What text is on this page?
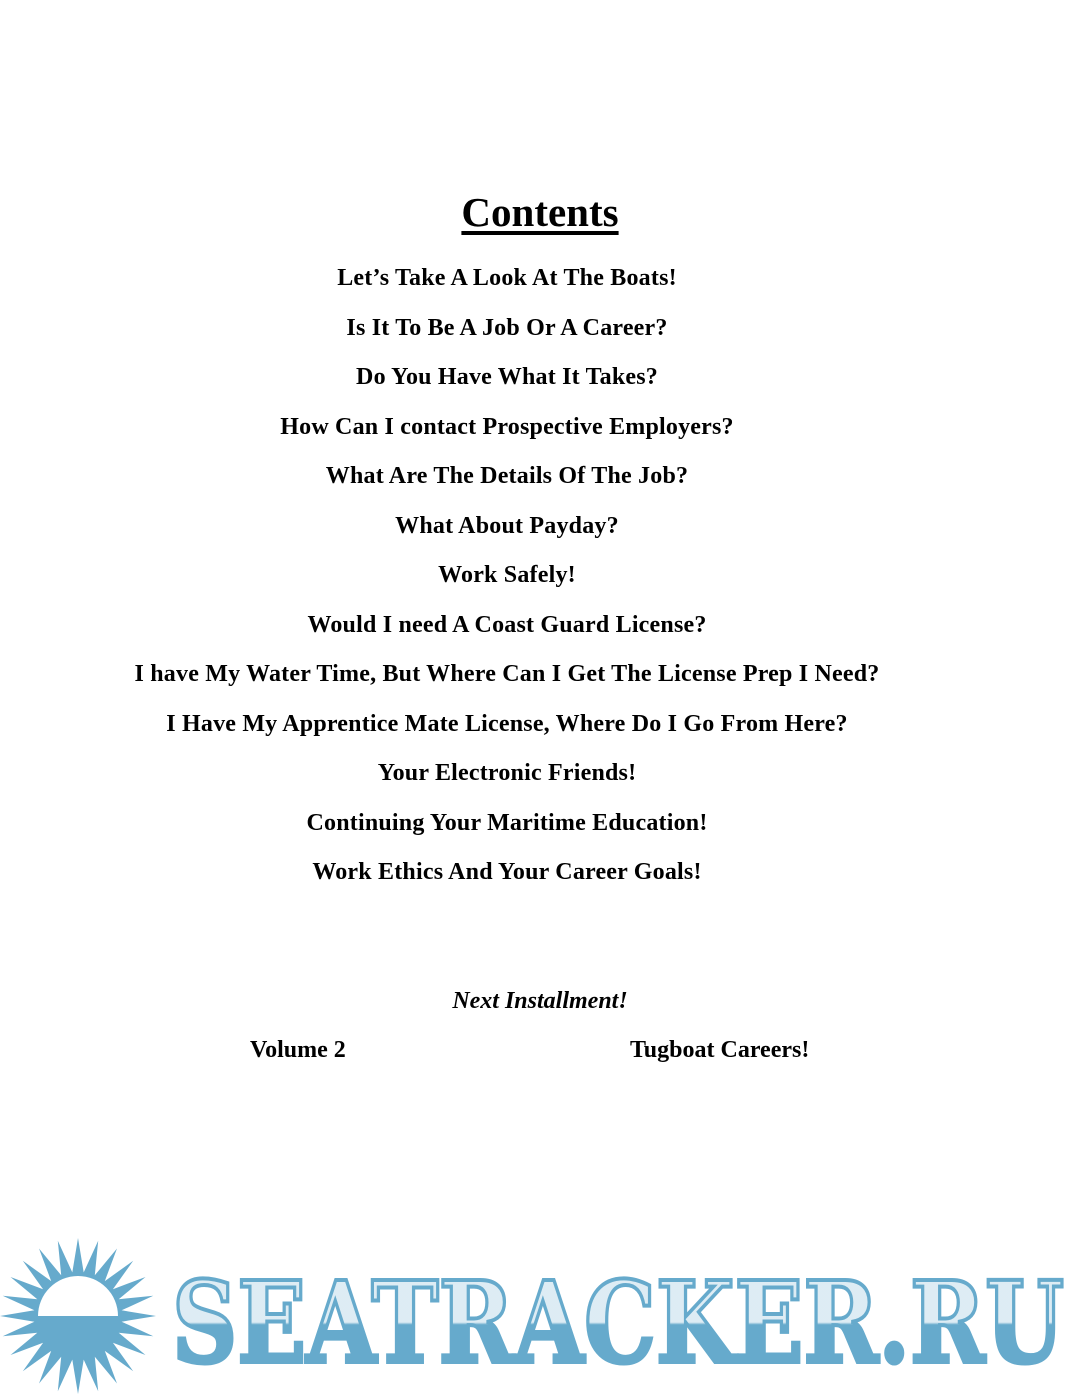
Contents
Let’s Take A Look At The Boats!
Is It To Be A Job Or A Career?
Do You Have What It Takes?
How Can I contact Prospective Employers?
What Are The Details Of The Job?
What About Payday?
Work Safely!
Would I need A Coast Guard License?
I have My Water Time, But Where Can I Get The License Prep I Need?
I Have My Apprentice Mate License, Where Do I Go From Here?
Your Electronic Friends!
Continuing Your Maritime Education!
Work Ethics And Your Career Goals!

Next Installment!

Volume 2	Tugboat Careers!

SEATRACKER.RU
